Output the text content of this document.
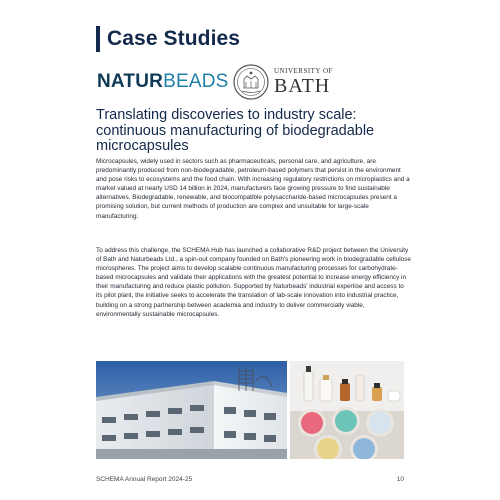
Case Studies
NATURBEADS	UNIVERSITY OF
BATH
Translating discoveries to industry scale: continuous manufacturing of biodegradable microcapsules

Microcapsules, widely used in sectors such as pharmaceuticals, personal care, and agriculture, are predominantly produced from non-biodegradable, petroleum-based polymers that persist in the environment and pose risks to ecosystems and the food chain. With increasing regulatory restrictions on microplastics and a market valued at nearly USD 14 billion in 2024, manufacturers face growing pressure to find sustainable alternatives. Biodegradable, renewable, and biocompatible polysaccharide-based microcapsules present a promising solution, but current methods of production are complex and unsuitable for large-scale manufacturing.

To address this challenge, the SCHEMA Hub has launched a collaborative R&D project between the University of Bath and Naturbeads Ltd., a spin-out company founded on Bath's pioneering work in biodegradable cellulose microspheres. The project aims to develop scalable continuous manufacturing processes for carbohydrate-based microcapsules and validate their applications with the greatest potential to increase energy efficiency in their manufacturing and reduce plastic pollution. Supported by Naturbeads' industrial expertise and access to its pilot plant, the initiative seeks to accelerate the translation of lab-scale innovation into industrial practice, building on a strong partnership between academia and industry to deliver commercially viable, environmentally sustainable microcapsules.

SCHEMA Annual Report 2024-25	10
